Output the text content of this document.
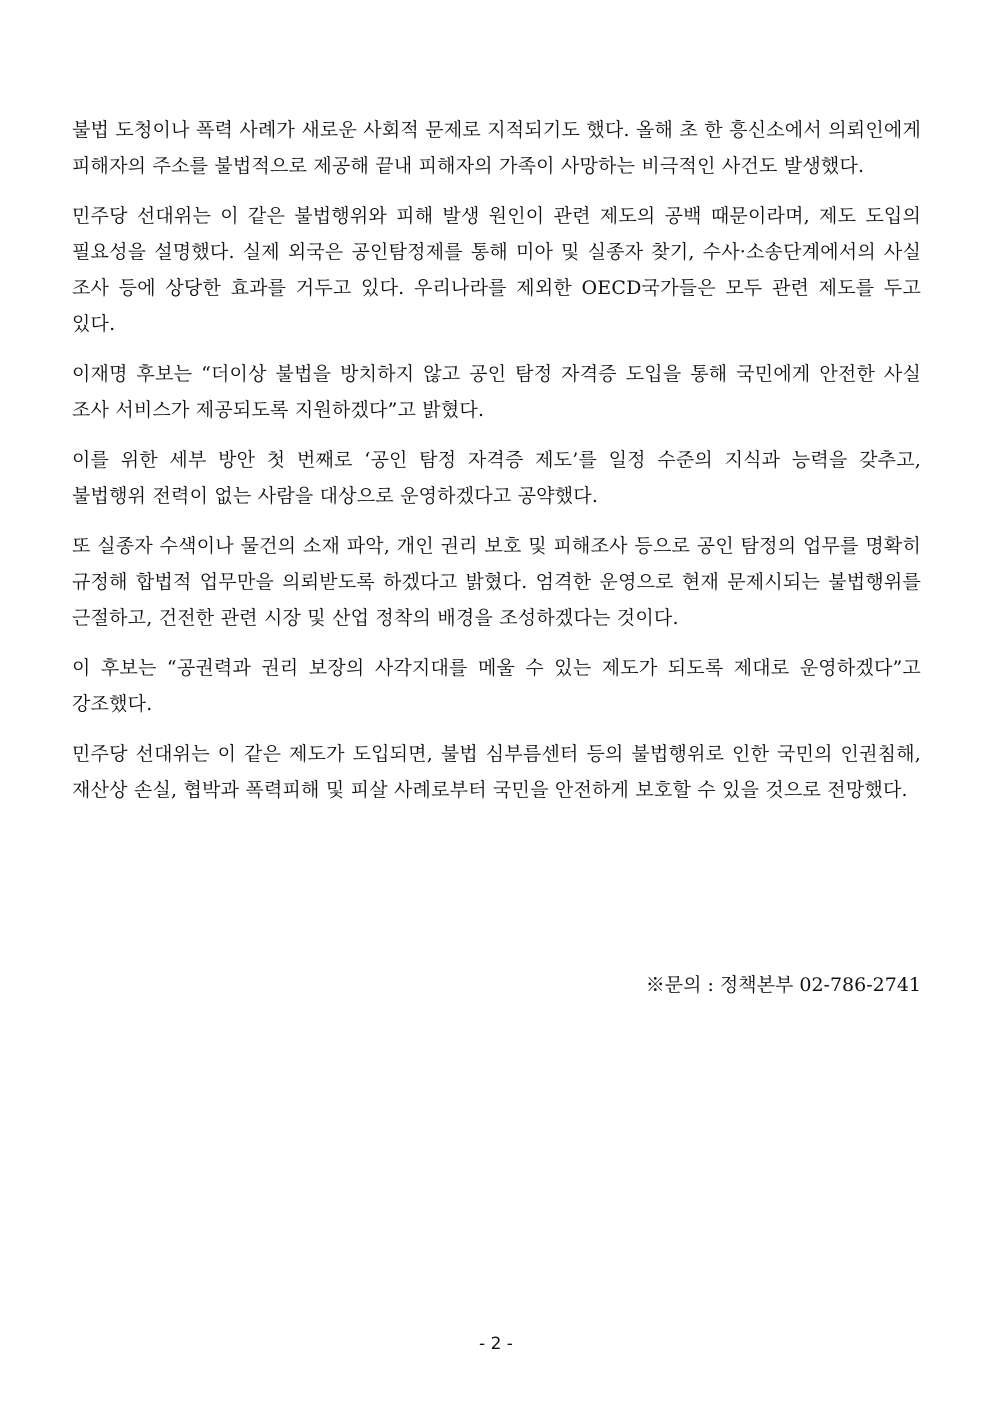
불법 도청이나 폭력 사례가 새로운 사회적 문제로 지적되기도 했다. 올해 초 한 흥신소에서 의뢰인에게 피해자의 주소를 불법적으로 제공해 끝내 피해자의 가족이 사망하는 비극적인 사건도 발생했다.

민주당 선대위는 이 같은 불법행위와 피해 발생 원인이 관련 제도의 공백 때문이라며, 제도 도입의 필요성을 설명했다. 실제 외국은 공인탐정제를 통해 미아 및 실종자 찾기, 수사·소송단계에서의 사실 조사 등에 상당한 효과를 거두고 있다. 우리나라를 제외한 OECD국가들은 모두 관련 제도를 두고 있다.

이재명 후보는 “더이상 불법을 방치하지 않고 공인 탐정 자격증 도입을 통해 국민에게 안전한 사실 조사 서비스가 제공되도록 지원하겠다”고 밝혔다.

이를 위한 세부 방안 첫 번째로 ‘공인 탐정 자격증 제도’를 일정 수준의 지식과 능력을 갖추고, 불법행위 전력이 없는 사람을 대상으로 운영하겠다고 공약했다.

또 실종자 수색이나 물건의 소재 파악, 개인 권리 보호 및 피해조사 등으로 공인 탐정의 업무를 명확히 규정해 합법적 업무만을 의뢰받도록 하겠다고 밝혔다. 엄격한 운영으로 현재 문제시되는 불법행위를 근절하고, 건전한 관련 시장 및 산업 정착의 배경을 조성하겠다는 것이다.

이 후보는 “공권력과 권리 보장의 사각지대를 메울 수 있는 제도가 되도록 제대로 운영하겠다”고 강조했다.

민주당 선대위는 이 같은 제도가 도입되면, 불법 심부름센터 등의 불법행위로 인한 국민의 인권침해, 재산상 손실, 협박과 폭력피해 및 피살 사례로부터 국민을 안전하게 보호할 수 있을 것으로 전망했다.

※문의 : 정책본부 02-786-2741
- 2 -
